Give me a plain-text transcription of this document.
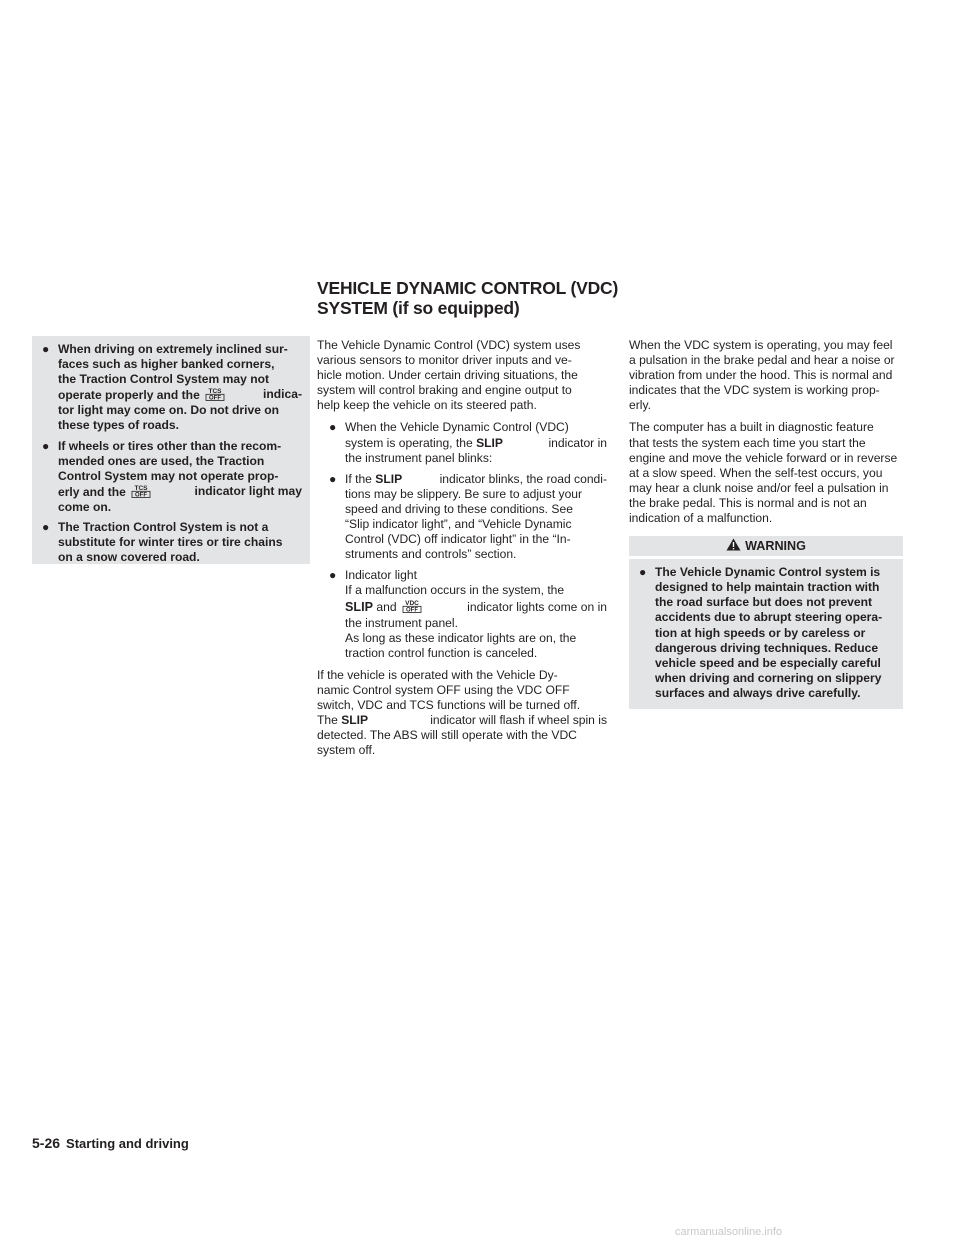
VEHICLE DYNAMIC CONTROL (VDC)
SYSTEM (if so equipped)
● When driving on extremely inclined sur-
faces such as higher banked corners,
the Traction Control System may not
operate properly and the TCS
OFF	indica-
tor light may come on. Do not drive on
these types of roads.
● If wheels or tires other than the recom-
mended ones are used, the Traction
Control System may not operate prop-
erly and the TCS
OFF	indicator light may
come on.
● The Traction Control System is not a
substitute for winter tires or tire chains
on a snow covered road.
The Vehicle Dynamic Control (VDC) system uses
various sensors to monitor driver inputs and ve-
hicle motion. Under certain driving situations, the
system will control braking and engine output to
help keep the vehicle on its steered path.
● When the Vehicle Dynamic Control (VDC)
system is operating, the SLIP	indicator in
the instrument panel blinks:
● If the SLIP	indicator blinks, the road condi-
tions may be slippery. Be sure to adjust your
speed and driving to these conditions. See
“Slip indicator light”, and “Vehicle Dynamic
Control (VDC) off indicator light” in the “In-
struments and controls” section.
● Indicator light
If a malfunction occurs in the system, the
SLIP and VDC
OFF	indicator lights come on in
the instrument panel.
As long as these indicator lights are on, the
traction control function is canceled.
If the vehicle is operated with the Vehicle Dy-
namic Control system OFF using the VDC OFF
switch, VDC and TCS functions will be turned off.
The SLIP	indicator will flash if wheel spin is
detected. The ABS will still operate with the VDC
system off.
When the VDC system is operating, you may feel
a pulsation in the brake pedal and hear a noise or
vibration from under the hood. This is normal and
indicates that the VDC system is working prop-
erly.
The computer has a built in diagnostic feature
that tests the system each time you start the
engine and move the vehicle forward or in reverse
at a slow speed. When the self-test occurs, you
may hear a clunk noise and/or feel a pulsation in
the brake pedal. This is normal and is not an
indication of a malfunction.
WARNING
● The Vehicle Dynamic Control system is
designed to help maintain traction with
the road surface but does not prevent
accidents due to abrupt steering opera-
tion at high speeds or by careless or
dangerous driving techniques. Reduce
vehicle speed and be especially careful
when driving and cornering on slippery
surfaces and always drive carefully.
5-26 Starting and driving
carmanualsonline.info
